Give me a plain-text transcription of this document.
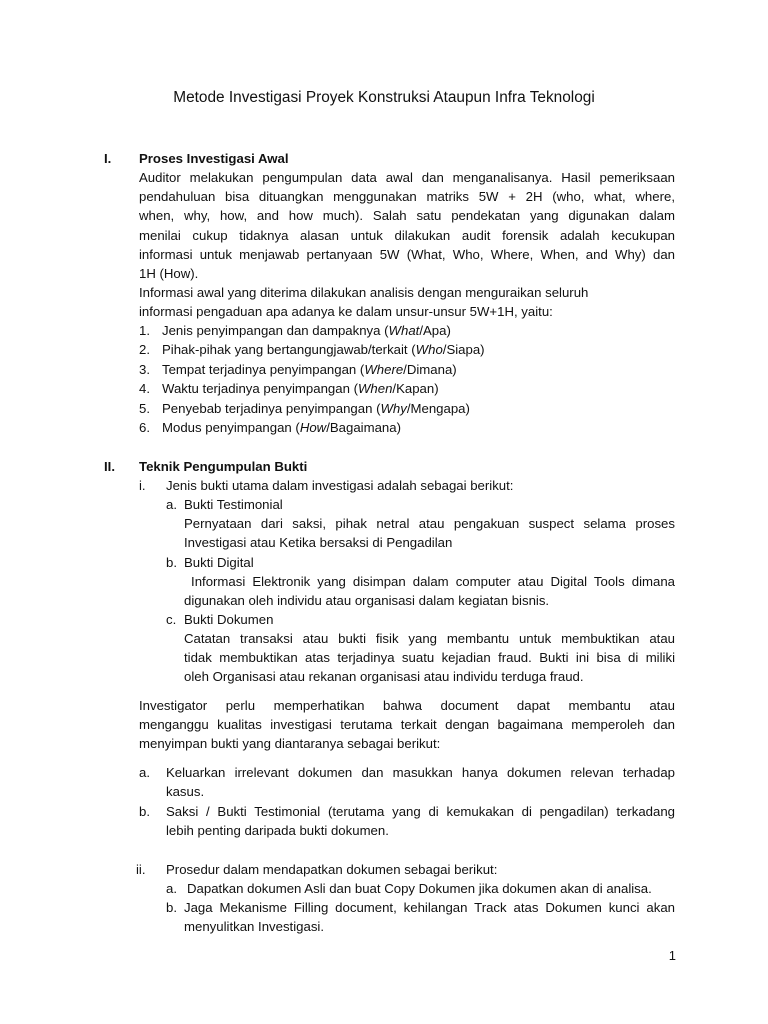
Metode Investigasi Proyek Konstruksi Ataupun Infra Teknologi
I. Proses Investigasi Awal
Auditor melakukan pengumpulan data awal dan menganalisanya. Hasil pemeriksaan
pendahuluan bisa dituangkan menggunakan matriks 5W + 2H (who, what, where,
when, why, how, and how much). Salah satu pendekatan yang digunakan dalam
menilai cukup tidaknya alasan untuk dilakukan audit forensik adalah kecukupan
informasi untuk menjawab pertanyaan 5W (What, Who, Where, When, and Why) dan
1H (How).
Informasi awal yang diterima dilakukan analisis dengan menguraikan seluruh
informasi pengaduan apa adanya ke dalam unsur-unsur 5W+1H, yaitu:
1. Jenis penyimpangan dan dampaknya (What/Apa)
2. Pihak-pihak yang bertangungjawab/terkait (Who/Siapa)
3. Tempat terjadinya penyimpangan (Where/Dimana)
4. Waktu terjadinya penyimpangan (When/Kapan)
5. Penyebab terjadinya penyimpangan (Why/Mengapa)
6. Modus penyimpangan (How/Bagaimana)
II. Teknik Pengumpulan Bukti
i. Jenis bukti utama dalam investigasi adalah sebagai berikut:
a. Bukti Testimonial
Pernyataan dari saksi, pihak netral atau pengakuan suspect selama proses
Investigasi atau Ketika bersaksi di Pengadilan
b. Bukti Digital
Informasi Elektronik yang disimpan dalam computer atau Digital Tools dimana
digunakan oleh individu atau organisasi dalam kegiatan bisnis.
c. Bukti Dokumen
Catatan transaksi atau bukti fisik yang membantu untuk membuktikan atau
tidak membuktikan atas terjadinya suatu kejadian fraud. Bukti ini bisa di miliki
oleh Organisasi atau rekanan organisasi atau individu terduga fraud.
Investigator perlu memperhatikan bahwa document dapat membantu atau
menganggu kualitas investigasi terutama terkait dengan bagaimana memperoleh dan
menyimpan bukti yang diantaranya sebagai berikut:
a. Keluarkan irrelevant dokumen dan masukkan hanya dokumen relevan terhadap
kasus.
b. Saksi / Bukti Testimonial (terutama yang di kemukakan di pengadilan) terkadang
lebih penting daripada bukti dokumen.
ii. Prosedur dalam mendapatkan dokumen sebagai berikut:
a. Dapatkan dokumen Asli dan buat Copy Dokumen jika dokumen akan di analisa.
b. Jaga Mekanisme Filling document, kehilangan Track atas Dokumen kunci akan
menyulitkan Investigasi.
1
